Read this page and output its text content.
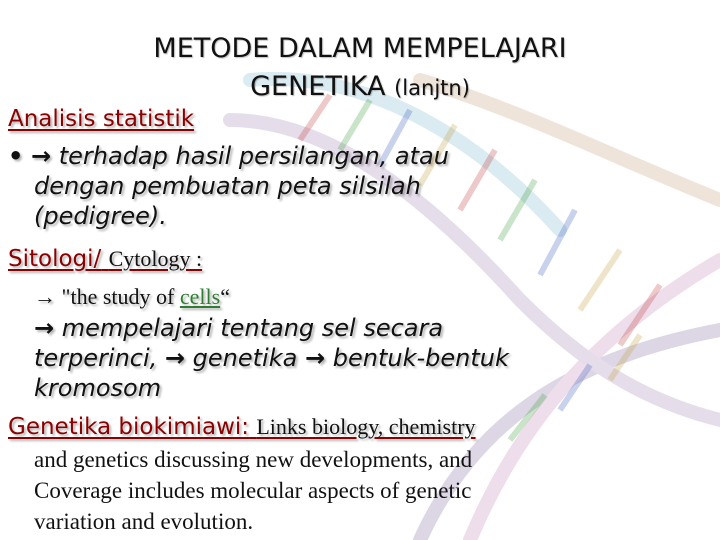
METODE DALAM MEMPELAJARI
GENETIKA (lanjtn)
Analisis statistik
• → terhadap hasil persilangan, atau
dengan pembuatan peta silsilah
(pedigree).
Sitologi/ Cytology :
→ "the study of cells“
→ mempelajari tentang sel secara
terperinci, → genetika → bentuk-bentuk
kromosom
Genetika biokimiawi: Links biology, chemistry
and genetics discussing new developments, and
Coverage includes molecular aspects of genetic
variation and evolution.
